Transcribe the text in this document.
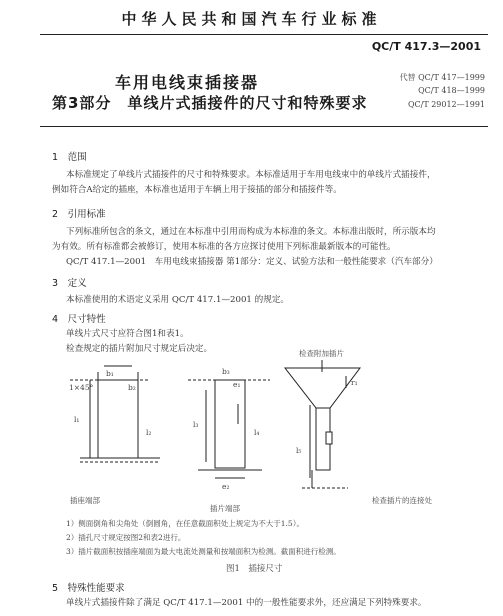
中华人民共和国汽车行业标准
QC/T 417.3—2001
车用电线束插接器
第3部分　单线片式插接件的尺寸和特殊要求
代替 QC/T 417—1999
QC/T 418—1999
QC/T 29012—1991
1　 范围
本标准规定了单线片式插接件的尺寸和特殊要求。本标准适用于车用电线束中的单线片式插接件，
例如符合A给定的插座，本标准也适用于车辆上用于接插的部分和插接件等。
2　 引用标准
下列标准所包含的条文，通过在本标准中引用而构成为本标准的条文。本标准出版时，所示版本均
为有效。所有标准都会被修订，使用本标准的各方应探讨使用下列标准最新版本的可能性。
QC/T 417.1—2001　车用电线束插接器 第1部分：定义、试验方法和一般性能要求（汽车部分）
3　 定义
本标准使用的术语定义采用 QC/T 417.1—2001 的规定。
4　 尺寸特性
单线片式尺寸应符合图1和表1。
检查规定的插片附加尺寸规定后决定。
b₁
b₂
1×45°
l₁
l₂
插座端部
b₃
l₃
e₁
l₄
e₂
插片端部
检查附加插片
r₁
l₅
检查插片的连接处
1）侧面倒角和尖角处（倒圆角，在任意截面积处上规定为不大于1.5）。
2）插孔尺寸规定按图2和表2进行。
3）插片截面积按插座端面为最大电流处测量和按端面积为检测。截面积进行检测。
图1　插接尺寸
5　 特殊性能要求
单线片式插接件除了满足 QC/T 417.1—2001 中的一般性能要求外，还应满足下列特殊要求。
